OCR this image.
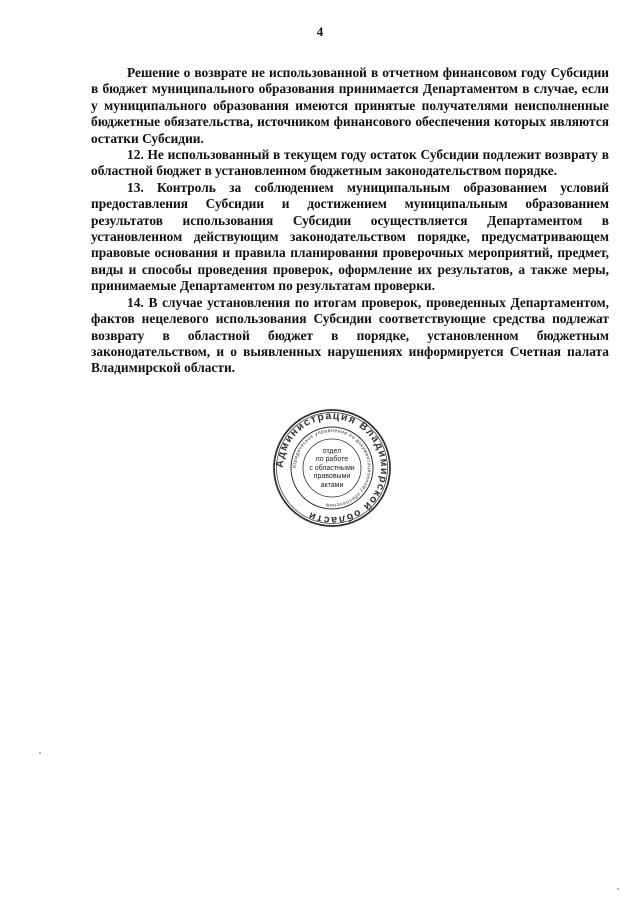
4

Решение о возврате не использованной в отчетном финансовом году Субсидии в бюджет муниципального образования принимается Департаментом в случае, если у муниципального образования имеются принятые получателями неисполненные бюджетные обязательства, источником финансового обеспечения которых являются остатки Субсидии.

12. Не использованный в текущем году остаток Субсидии подлежит возврату в областной бюджет в установленном бюджетным законодательством порядке.

13. Контроль за соблюдением муниципальным образованием условий предоставления Субсидии и достижением муниципальным образованием результатов использования Субсидии осуществляется Департаментом в установленном действующим законодательством порядке, предусматривающем правовые основания и правила планирования проверочных мероприятий, предмет, виды и способы проведения проверок, оформление их результатов, а также меры, принимаемые Департаментом по результатам проверки.

14. В случае установления по итогам проверок, проведенных Департаментом, фактов нецелевого использования Субсидии соответствующие средства подлежат возврату в областной бюджет в порядке, установленном бюджетным законодательством, и о выявленных нарушениях информируется Счетная палата Владимирской области.

Администрация Владимирской области
Юридическое управление по документационному обеспечению
отдел
по работе
с областными
правовыми
актами
